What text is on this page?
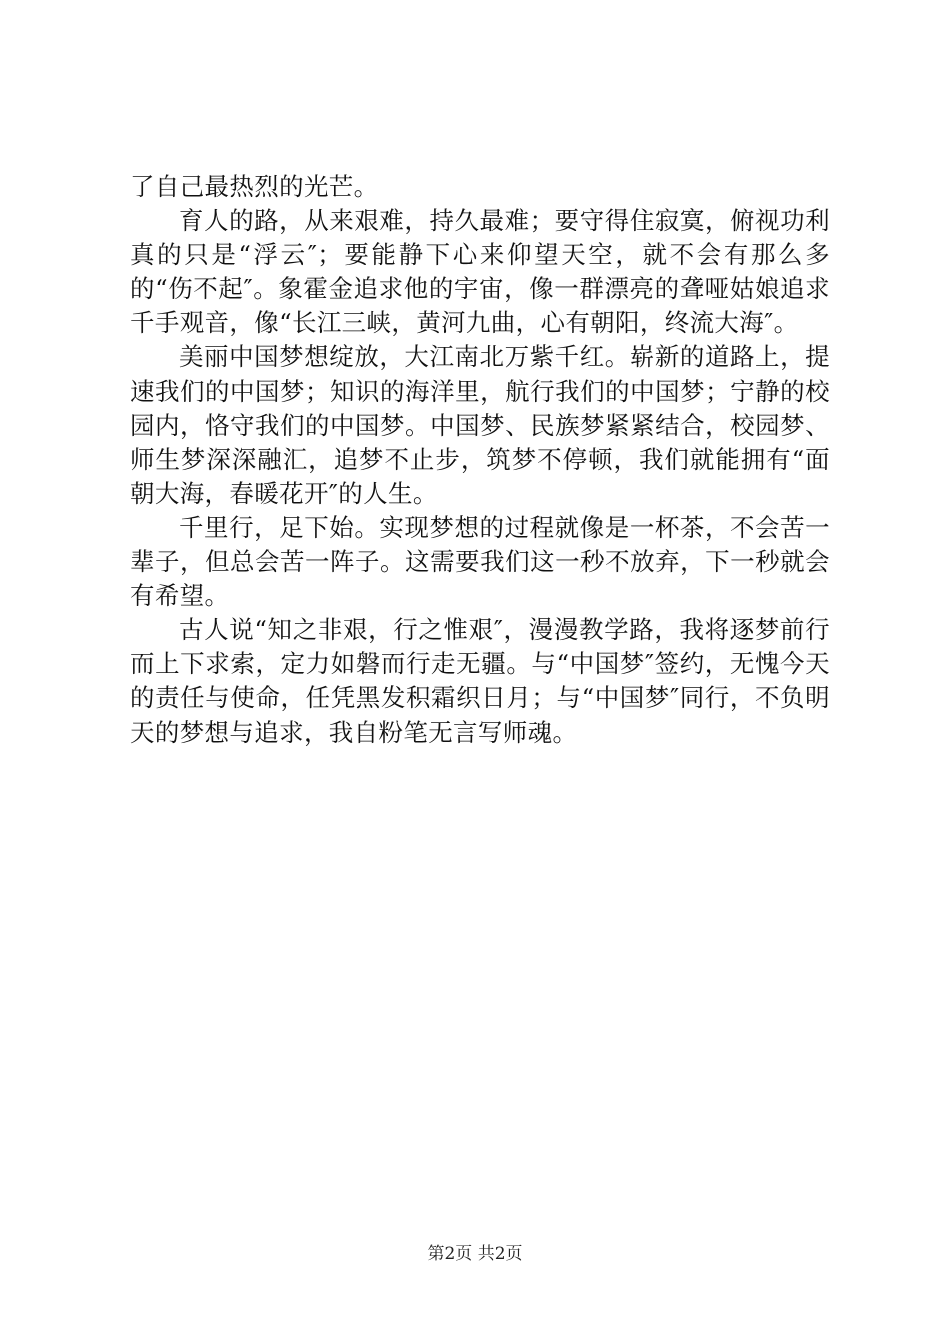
了自己最热烈的光芒。

育人的路，从来艰难，持久最难；要守得住寂寞，俯视功利真的只是“浮云″；要能静下心来仰望天空，就不会有那么多的“伤不起″。象霍金追求他的宇宙，像一群漂亮的聋哑姑娘追求千手观音，像“长江三峡，黄河九曲，心有朝阳，终流大海″。

美丽中国梦想绽放，大江南北万紫千红。崭新的道路上，提速我们的中国梦；知识的海洋里，航行我们的中国梦；宁静的校园内，恪守我们的中国梦。中国梦、民族梦紧紧结合，校园梦、师生梦深深融汇，追梦不止步，筑梦不停顿，我们就能拥有“面朝大海，春暖花开″的人生。

千里行，足下始。实现梦想的过程就像是一杯茶，不会苦一辈子，但总会苦一阵子。这需要我们这一秒不放弃，下一秒就会有希望。

古人说“知之非艰，行之惟艰″，漫漫教学路，我将逐梦前行而上下求索，定力如磐而行走无疆。与“中国梦″签约，无愧今天的责任与使命，任凭黑发积霜织日月；与“中国梦″同行，不负明天的梦想与追求，我自粉笔无言写师魂。

第2页 共2页
